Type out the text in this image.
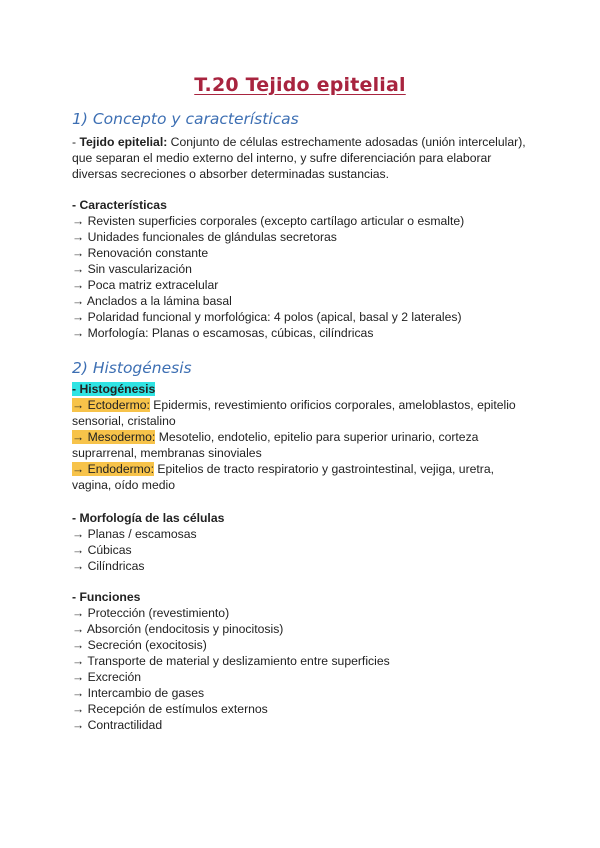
T.20 Tejido epitelial
1) Concepto y características
- Tejido epitelial: Conjunto de células estrechamente adosadas (unión intercelular),
que separan el medio externo del interno, y sufre diferenciación para elaborar
diversas secreciones o absorber determinadas sustancias.
- Características
→ Revisten superficies corporales (excepto cartílago articular o esmalte)
→ Unidades funcionales de glándulas secretoras
→ Renovación constante
→ Sin vascularización
→ Poca matriz extracelular
→ Anclados a la lámina basal
→ Polaridad funcional y morfológica: 4 polos (apical, basal y 2 laterales)
→ Morfología: Planas o escamosas, cúbicas, cilíndricas
2) Histogénesis
- Histogénesis
→ Ectodermo: Epidermis, revestimiento orificios corporales, ameloblastos, epitelio
sensorial, cristalino
→ Mesodermo: Mesotelio, endotelio, epitelio para superior urinario, corteza
suprarrenal, membranas sinoviales
→ Endodermo: Epitelios de tracto respiratorio y gastrointestinal, vejiga, uretra,
vagina, oído medio
- Morfología de las células
→ Planas / escamosas
→ Cúbicas
→ Cilíndricas
- Funciones
→ Protección (revestimiento)
→ Absorción (endocitosis y pinocitosis)
→ Secreción (exocitosis)
→ Transporte de material y deslizamiento entre superficies
→ Excreción
→ Intercambio de gases
→ Recepción de estímulos externos
→ Contractilidad
